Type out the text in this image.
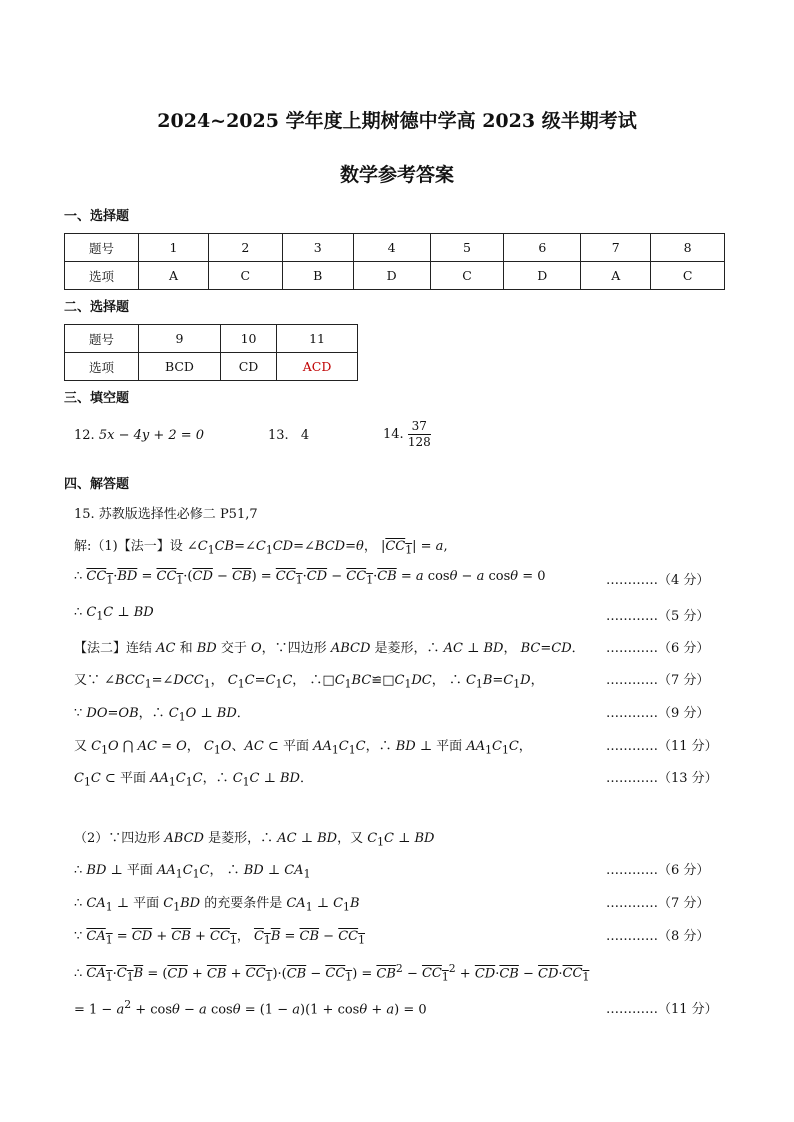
2024~2025 学年度上期树德中学高 2023 级半期考试
数学参考答案
一、选择题
题号	1	2	3	4	5	6	7	8
选项	A	C	B	D	C	D	A	C
二、选择题
题号	9	10	11
选项	BCD	CD	ACD
三、填空题
12. 5x − 4y + 2 = 0	13. 4	14. $\frac{37}{128}$
四、解答题
15. 苏教版选择性必修二 P51,7
解:（1)【法一】设 $\angle C_1CB=\angle C_1CD=\angle BCD=\theta$， $|CC_1| = a$,
∴ $CC_1\cdot\overline{BD} = CC_1\cdot(\overline{CD} - \overline{CB}) = CC_1\cdot\overline{CD} - CC_1\cdot\overline{CB} = a$ cosθ − a cosθ = 0	…………（4 分）
∴ $C_1C$ ⊥ BD	…………（5 分）
【法二】连结 AC 和 BD 交于 O，∵四边形 ABCD 是菱形，∴ AC ⊥ BD， BC=CD． …………（6 分）
又∵ $\angle BCC_1=\angle DCC_1$， $C_1C=C_1C$， $\therefore□C_1BC≌□C_1DC$， ∴ $C_1B=C_1D$，	…………（7 分）
∵ DO=OB，∴ $C_1O$ ⊥ BD．	…………（9 分）
又 $C_1O$ ⋂ AC = O， $C_1O$、AC ⊂ 平面 $AA_1C_1C$，∴ BD ⊥ 平面 $AA_1C_1C$，	…………（11 分）
$C_1C$ ⊂ 平面 $AA_1C_1C$，∴ $C_1C$ ⊥ BD．	…………（13 分）
（2）∵四边形 ABCD 是菱形，∴ AC ⊥ BD，又 $C_1C$ ⊥ BD
∴ BD ⊥ 平面 $AA_1C_1C$， ∴ BD ⊥ $CA_1$	…………（6 分）
∴ $CA_1$ ⊥ 平面 $C_1BD$ 的充要条件是 $CA_1$ ⊥ $C_1B$	…………（7 分）
∵ $CA_1 = \overline{CD} + \overline{CB} + CC_1$， $C_1B = \overline{CB} - CC_1$	…………（8 分）
∴ $CA_1\cdot C_1B = (\overline{CD} + \overline{CB} + CC_1)\cdot(\overline{CB} - CC_1) = \overline{CB}^2 - CC_1^2 + \overline{CD}\cdot\overline{CB} - \overline{CD}\cdot CC_1$
= $1 - a^2 + \cos\theta - a$ cosθ = (1 − a)(1 + cosθ + a) = 0	…………（11 分）
